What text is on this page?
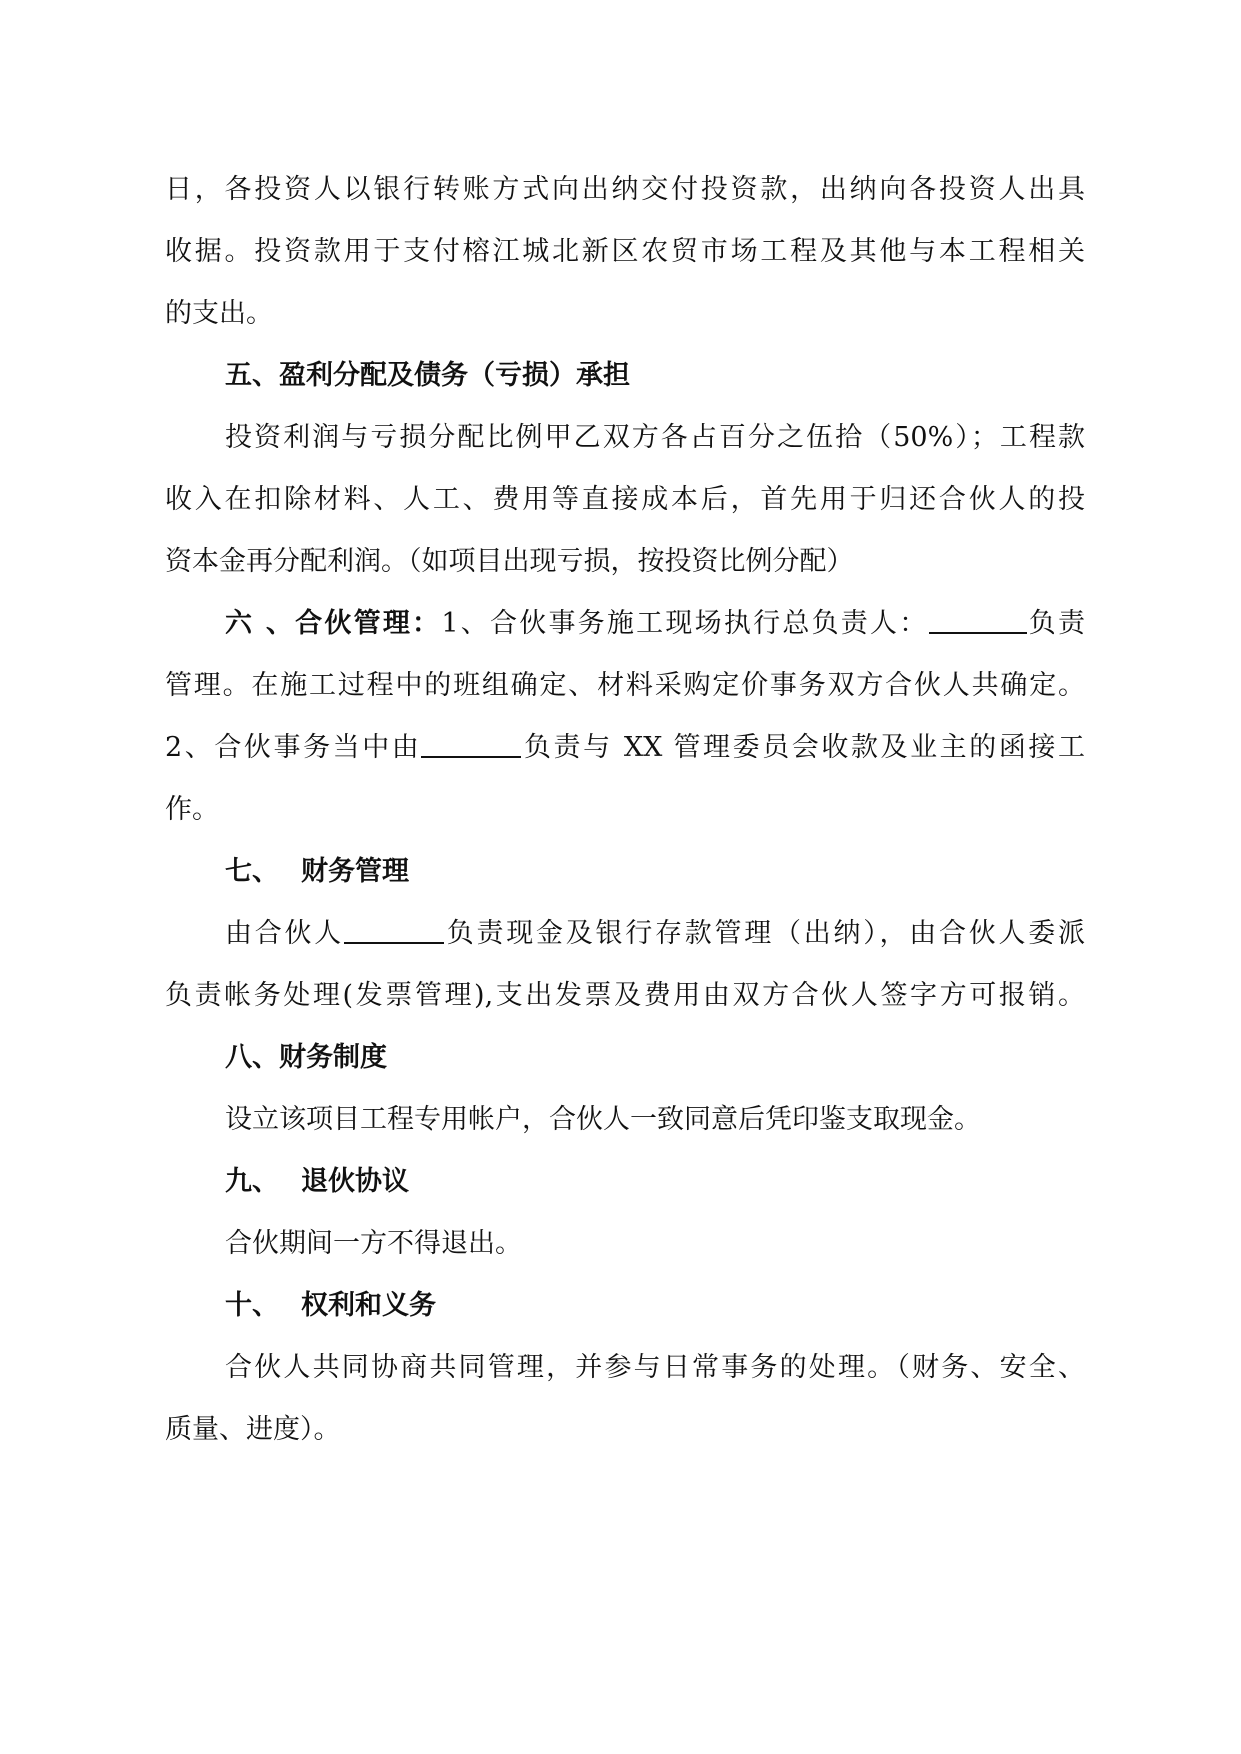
日，各投资人以银行转账方式向出纳交付投资款，出纳向各投资人出具
收据。投资款用于支付榕江城北新区农贸市场工程及其他与本工程相关
的支出。
五、盈利分配及债务（亏损）承担
投资利润与亏损分配比例甲乙双方各占百分之伍拾（50%）；工程款
收入在扣除材料、人工、费用等直接成本后，首先用于归还合伙人的投
资本金再分配利润。（如项目出现亏损，按投资比例分配）
六 、合伙管理：1、合伙事务施工现场执行总负责人：	负责
管理。在施工过程中的班组确定、材料采购定价事务双方合伙人共确定。
2、合伙事务当中由	负责与 XX 管理委员会收款及业主的函接工
作。
七、 财务管理
由合伙人	负责现金及银行存款管理（出纳），由合伙人委派
负责帐务处理(发票管理),支出发票及费用由双方合伙人签字方可报销。
八、财务制度
设立该项目工程专用帐户，合伙人一致同意后凭印鉴支取现金。
九、 退伙协议
合伙期间一方不得退出。
十、 权利和义务
合伙人共同协商共同管理，并参与日常事务的处理。（财务、安全、
质量、进度）。
